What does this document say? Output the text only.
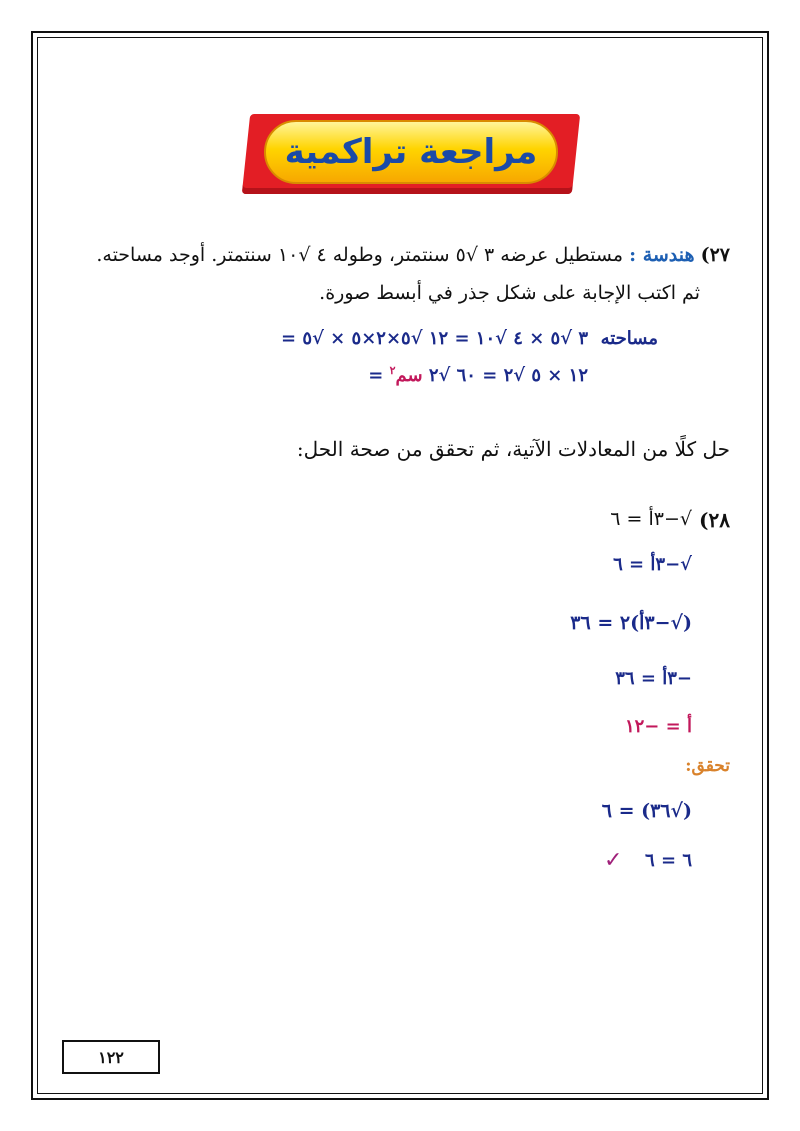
مراجعة تراكمية
٢٧) هندسة : مستطيل عرضه ٣ √٥ سنتمتر، وطوله ٤ √١٠ سنتمتر. أوجد مساحته.
ثم اكتب الإجابة على شكل جذر في أبسط صورة.
مساحته
= ٣ √٥ × ٤ √١٠ = ١٢ √٥×٢×٥ × √٥
= ١٢ × ٥ √٢ = ٦٠ √٢ سم$^٢$
حل كلًا من المعادلات الآتية، ثم تحقق من صحة الحل:
٢٨)
√−٣أ = ٦
√−٣أ = ٦
(√−٣أ)٢ = ٣٦
−٣أ = ٣٦
أ = −١٢
تحقق:
(√٣٦) = ٦
٦ = ٦
✓
١٢٢
